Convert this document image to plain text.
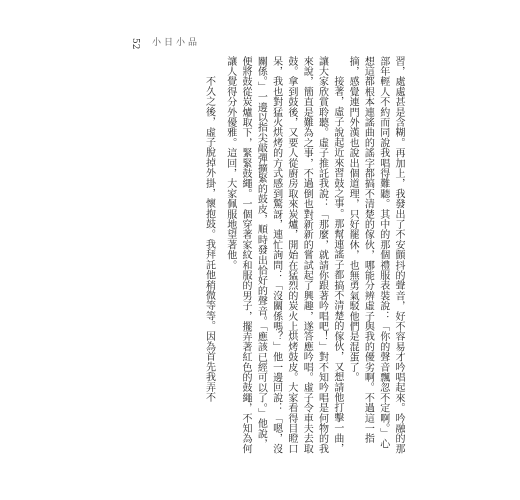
52 小日小品

習，處處甚是含糊。再加上，我發出了不安顫抖的聲音，好不容易才吟唱起來。吟融的那部年輕人不約而同說我唱得難聽。其中的那個禮服表裝說：「你的聲音飄忽不定啊。」心想這都根本連謠曲的謠字都搞不清楚的傢伙，哪能分辨虛子與我的優劣啊。不過這一指摘，感覺連門外漢也說出個道理，只好罷休，也無勇氣駁他們是混蛋了。

接著，虛子說起近來習鼓之事。那幫連謠子都搞不清楚的傢伙，又想請他打擊一曲，讓大家欣賞聆聽。虛子推託我說：「那麼，就請你跟著吟唱吧！」對不知吟唱是何物的我來說，簡直是難為之事，不過倒也對新新的嘗試起了興趣，遂答應吟唱。虛子令車夫去取鼓。拿到鼓後，又要人從廚房取來炭爐，開始在猛烈的炭火上烘烤鼓皮。大家看得目瞪口呆，我也對猛火烘烤的方式感到驚訝，連忙詢問：「沒關係嗎？」他一邊回說：「嗯，沒關係。」一邊以指尖敲彈擴緊的鼓皮，順時發出恰好的聲音。「應該已經可以了。」他說，便將鼓從炭爐取下，緊緊鼓繩。一個穿著家紋和服的男子，擺弄著紅色的鼓繩，不知為何讓人覺得分外優雅。這回，大家佩服地望著他。

不久之後，虛子脫掉外掛，懷抱鼓。我拜託他稍微等等。因為首先我弄不
